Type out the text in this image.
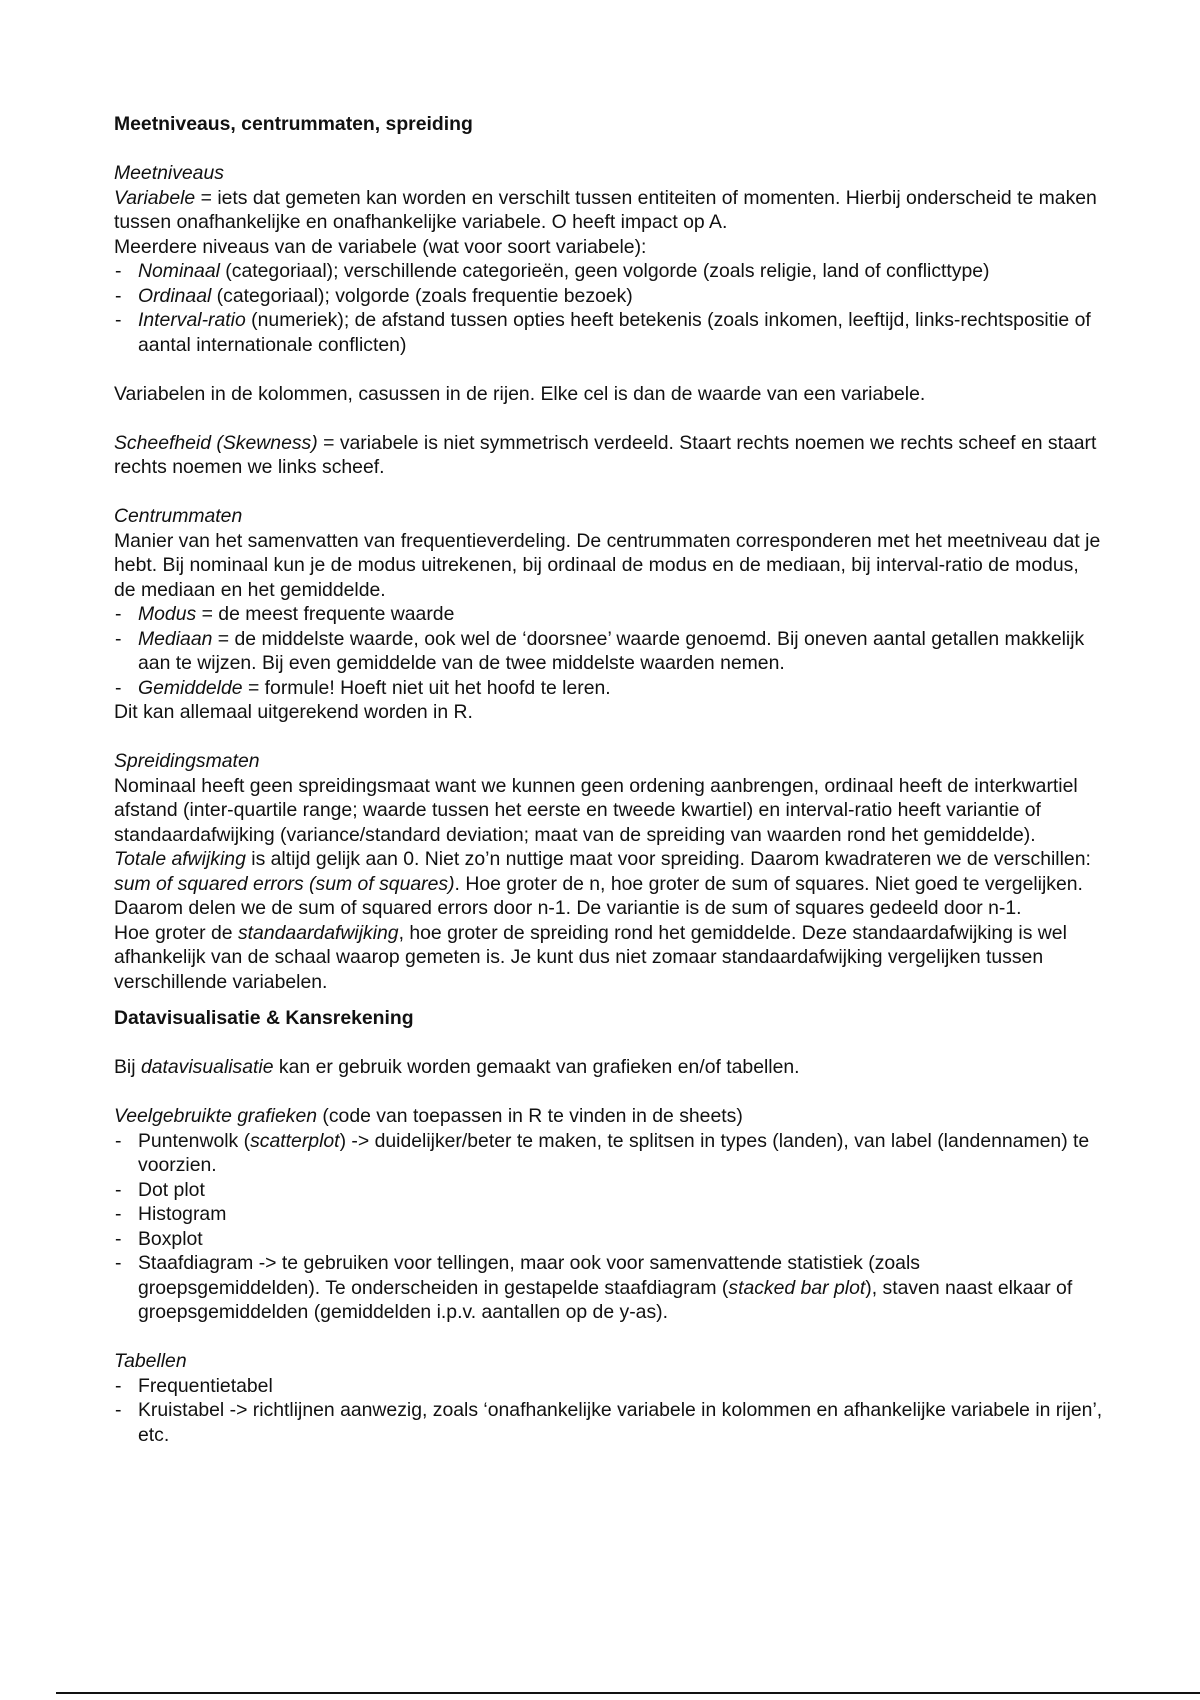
Meetniveaus, centrummaten, spreiding

Meetniveaus

Variabele = iets dat gemeten kan worden en verschilt tussen entiteiten of momenten. Hierbij onderscheid te maken tussen onafhankelijke en onafhankelijke variabele. O heeft impact op A.

Meerdere niveaus van de variabele (wat voor soort variabele):

- Nominaal (categoriaal); verschillende categorieën, geen volgorde (zoals religie, land of conflicttype)
- Ordinaal (categoriaal); volgorde (zoals frequentie bezoek)
- Interval-ratio (numeriek); de afstand tussen opties heeft betekenis (zoals inkomen, leeftijd, links-rechtspositie of aantal internationale conflicten)

Variabelen in de kolommen, casussen in de rijen. Elke cel is dan de waarde van een variabele.

Scheefheid (Skewness) = variabele is niet symmetrisch verdeeld. Staart rechts noemen we rechts scheef en staart rechts noemen we links scheef.

Centrummaten

Manier van het samenvatten van frequentieverdeling. De centrummaten corresponderen met het meetniveau dat je hebt. Bij nominaal kun je de modus uitrekenen, bij ordinaal de modus en de mediaan, bij interval-ratio de modus, de mediaan en het gemiddelde.

- Modus = de meest frequente waarde
- Mediaan = de middelste waarde, ook wel de ‘doorsnee’ waarde genoemd. Bij oneven aantal getallen makkelijk aan te wijzen. Bij even gemiddelde van de twee middelste waarden nemen.
- Gemiddelde = formule! Hoeft niet uit het hoofd te leren.

Dit kan allemaal uitgerekend worden in R.

Spreidingsmaten

Nominaal heeft geen spreidingsmaat want we kunnen geen ordening aanbrengen, ordinaal heeft de interkwartiel afstand (inter-quartile range; waarde tussen het eerste en tweede kwartiel) en interval-ratio heeft variantie of standaardafwijking (variance/standard deviation; maat van de spreiding van waarden rond het gemiddelde).

Totale afwijking is altijd gelijk aan 0. Niet zo’n nuttige maat voor spreiding. Daarom kwadrateren we de verschillen: sum of squared errors (sum of squares). Hoe groter de n, hoe groter de sum of squares. Niet goed te vergelijken. Daarom delen we de sum of squared errors door n-1. De variantie is de sum of squares gedeeld door n-1.

Hoe groter de standaardafwijking, hoe groter de spreiding rond het gemiddelde. Deze standaardafwijking is wel afhankelijk van de schaal waarop gemeten is. Je kunt dus niet zomaar standaardafwijking vergelijken tussen verschillende variabelen.

Datavisualisatie & Kansrekening

Bij datavisualisatie kan er gebruik worden gemaakt van grafieken en/of tabellen.

Veelgebruikte grafieken (code van toepassen in R te vinden in de sheets)

- Puntenwolk (scatterplot) -> duidelijker/beter te maken, te splitsen in types (landen), van label (landennamen) te voorzien.
- Dot plot
- Histogram
- Boxplot
- Staafdiagram -> te gebruiken voor tellingen, maar ook voor samenvattende statistiek (zoals groepsgemiddelden). Te onderscheiden in gestapelde staafdiagram (stacked bar plot), staven naast elkaar of groepsgemiddelden (gemiddelden i.p.v. aantallen op de y-as).

Tabellen

- Frequentietabel
- Kruistabel -> richtlijnen aanwezig, zoals ‘onafhankelijke variabele in kolommen en afhankelijke variabele in rijen’, etc.
